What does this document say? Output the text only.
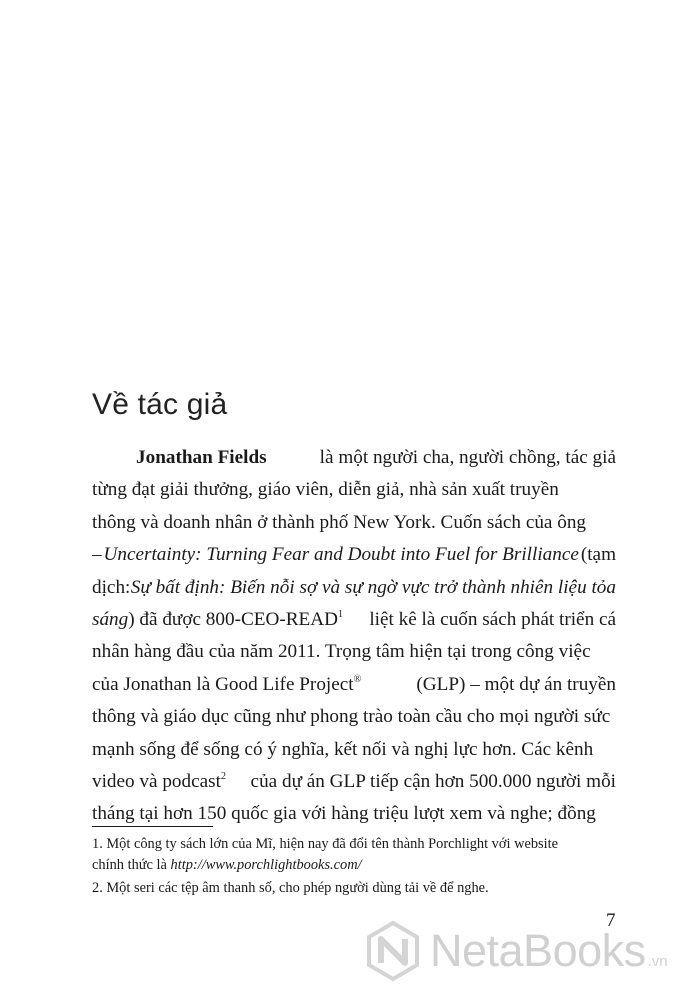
Về tác giả
Jonathan Fields	là một người cha, người chồng, tác giả
từng đạt giải thưởng, giáo viên, diễn giả, nhà sản xuất truyền
thông và doanh nhân ở thành phố New York. Cuốn sách của ông
– Uncertainty: Turning Fear and Doubt into Fuel for Brilliance (tạm
dịch: Sự bất định: Biến nỗi sợ và sự ngờ vực trở thành nhiên liệu tỏa
sáng) đã được 800-CEO-READ$^1$ liệt kê là cuốn sách phát triển cá
nhân hàng đầu của năm 2011. Trọng tâm hiện tại trong công việc
của Jonathan là Good Life Project®	(GLP) – một dự án truyền
thông và giáo dục cũng như phong trào toàn cầu cho mọi người sức
mạnh sống để sống có ý nghĩa, kết nối và nghị lực hơn. Các kênh
video và podcast$^2$ của dự án GLP tiếp cận hơn 500.000 người mỗi
tháng tại hơn 150 quốc gia với hàng triệu lượt xem và nghe; đồng

1. Một công ty sách lớn của Mĩ, hiện nay đã đổi tên thành Porchlight với website
chính thức là http://www.porchlightbooks.com/

2. Một seri các tệp âm thanh số, cho phép người dùng tải về để nghe.

7
NetaBooks .vn
